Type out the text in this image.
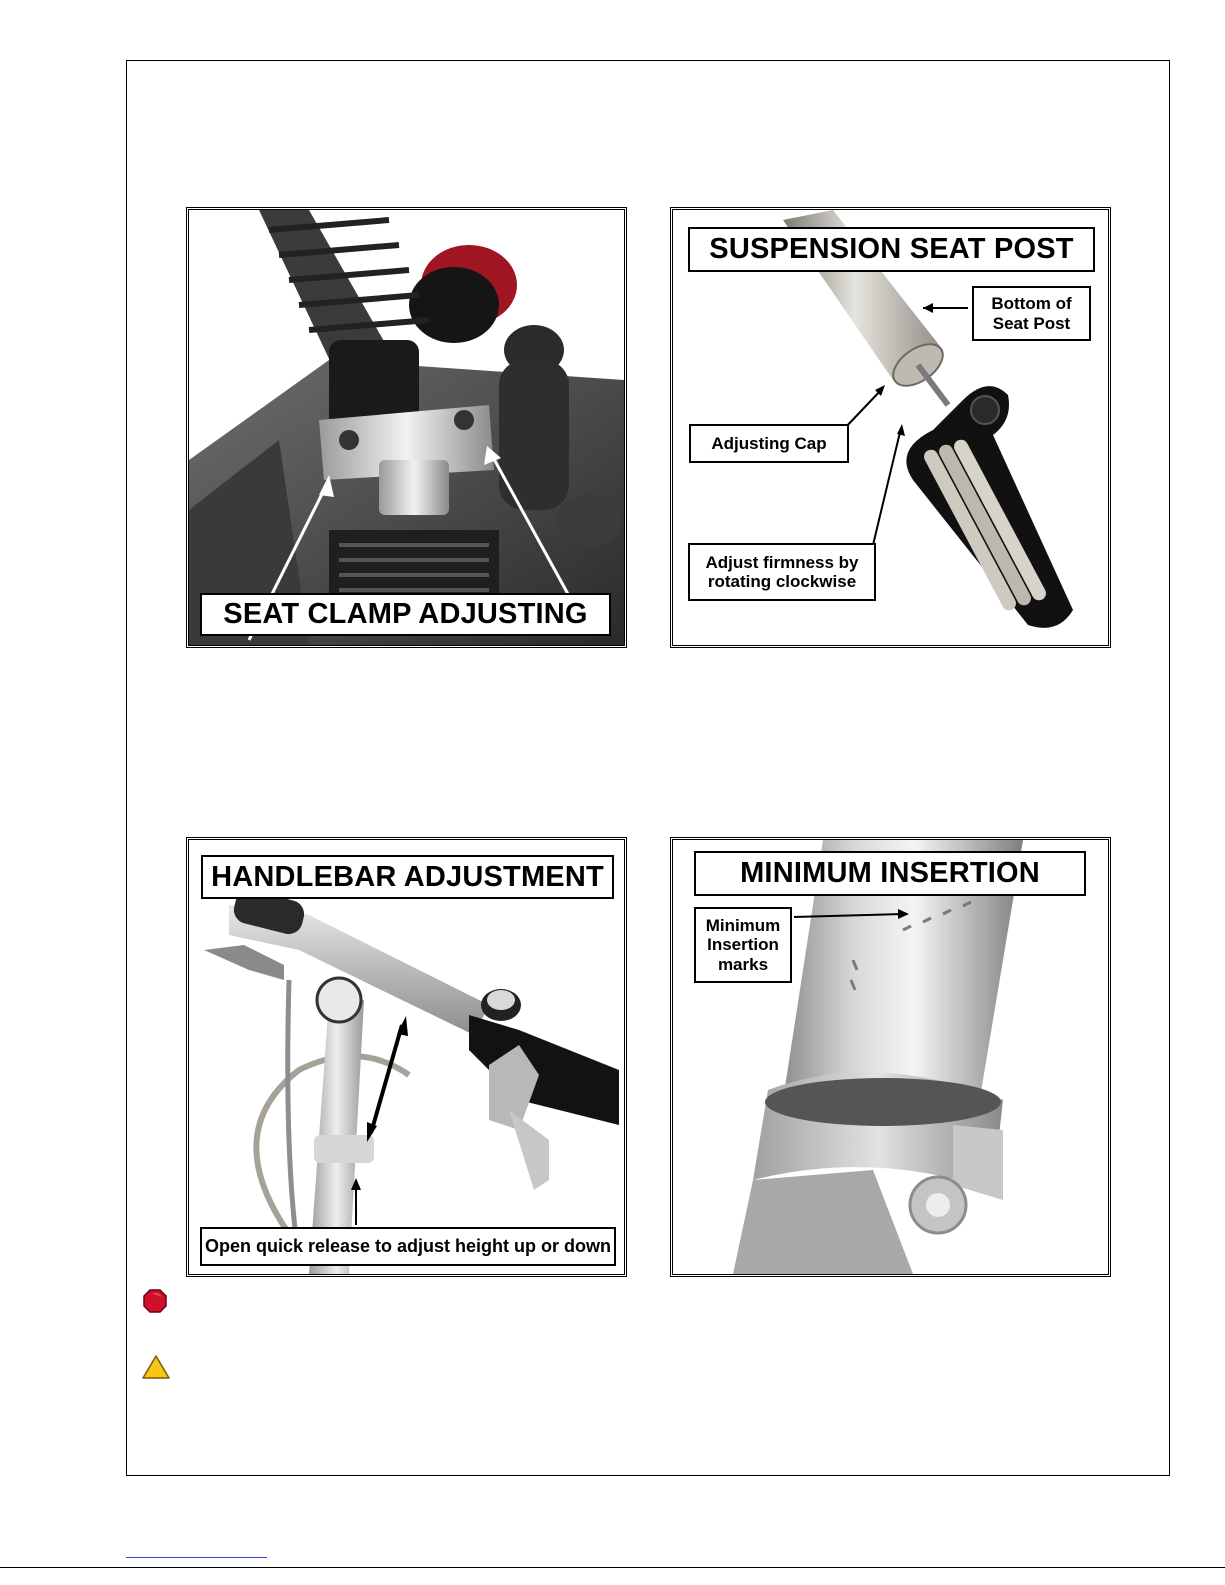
SEAT CLAMP ADJUSTING
SUSPENSION SEAT POST
Bottom of
Seat Post
Adjusting Cap
Adjust firmness by
rotating clockwise
HANDLEBAR ADJUSTMENT
Open quick release to adjust height up or down
MINIMUM INSERTION
Minimum
Insertion
marks
